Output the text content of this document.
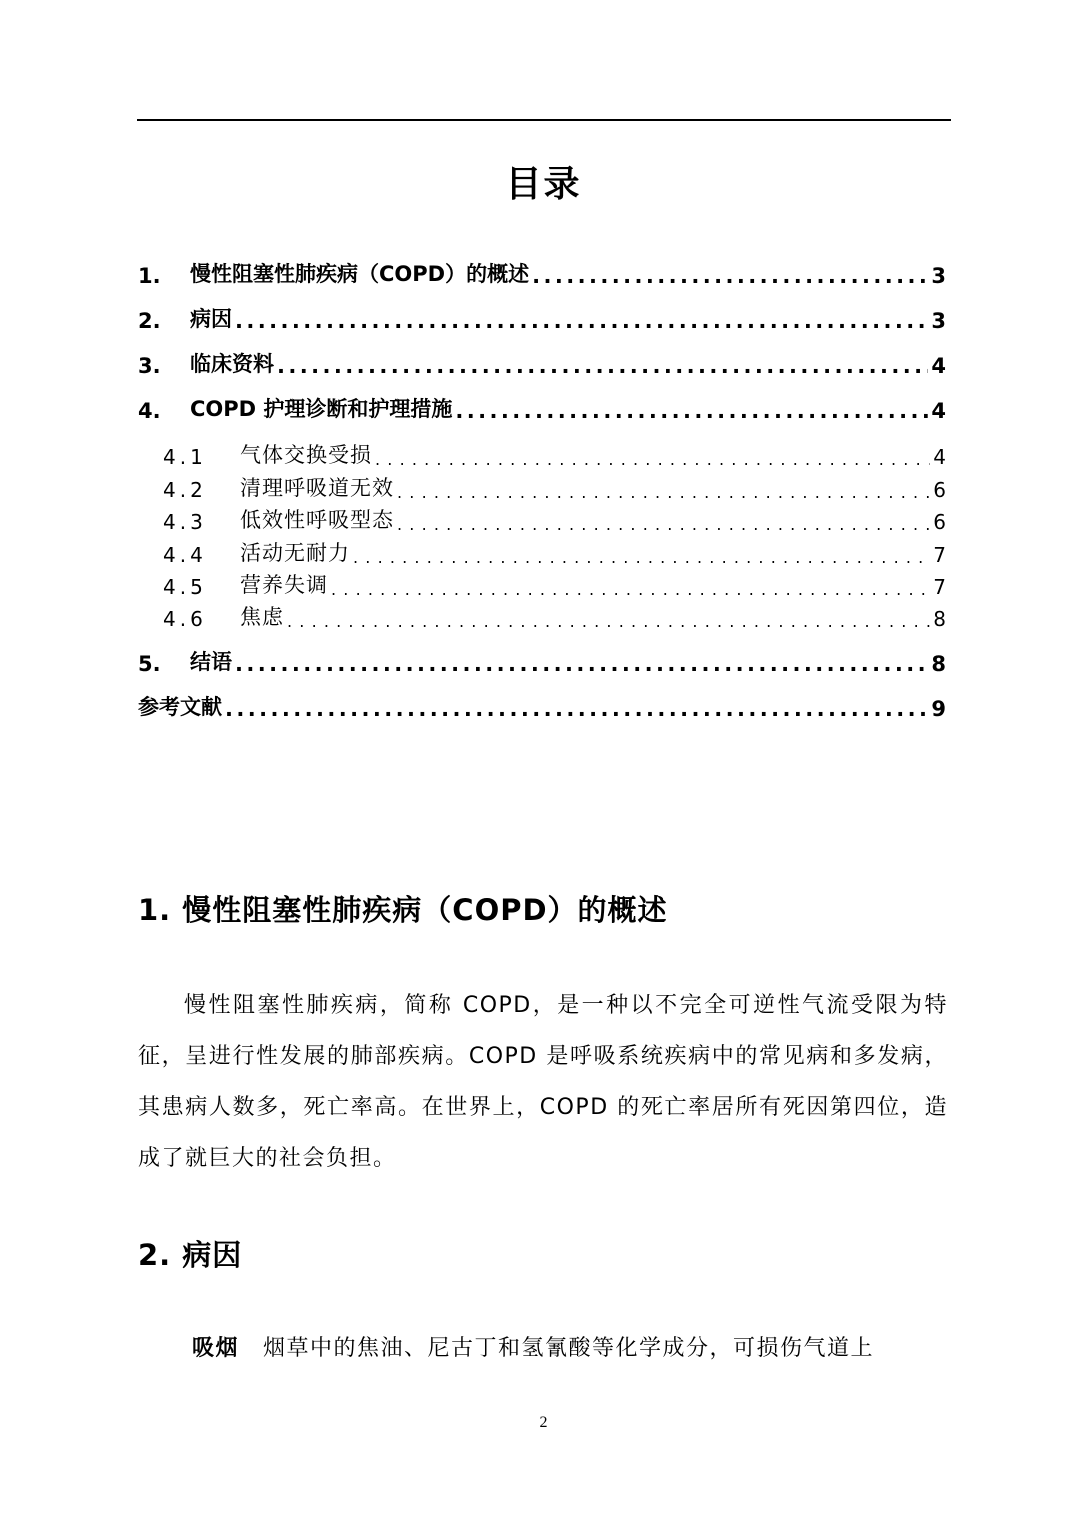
目录
1.	慢性阻塞性肺疾病（COPD）的概述 .....	3
2.	病因 .....	3
3.	临床资料 .....	4
4.	COPD 护理诊断和护理措施 .....	4
4.1	气体交换受损 .....	4
4.2	清理呼吸道无效 .....	6
4.3	低效性呼吸型态 .....	6
4.4	活动无耐力 .....	7
4.5	营养失调 .....	7
4.6	焦虑 .....	8
5.	结语 .....	8
参考文献 .....	9
1. 慢性阻塞性肺疾病（COPD）的概述
慢性阻塞性肺疾病，简称 COPD，是一种以不完全可逆性气流受限为特征，呈进行性发展的肺部疾病。COPD 是呼吸系统疾病中的常见病和多发病，其患病人数多，死亡率高。在世界上，COPD 的死亡率居所有死因第四位，造成了就巨大的社会负担。
2. 病因
吸烟 烟草中的焦油、尼古丁和氢氰酸等化学成分，可损伤气道上
2
